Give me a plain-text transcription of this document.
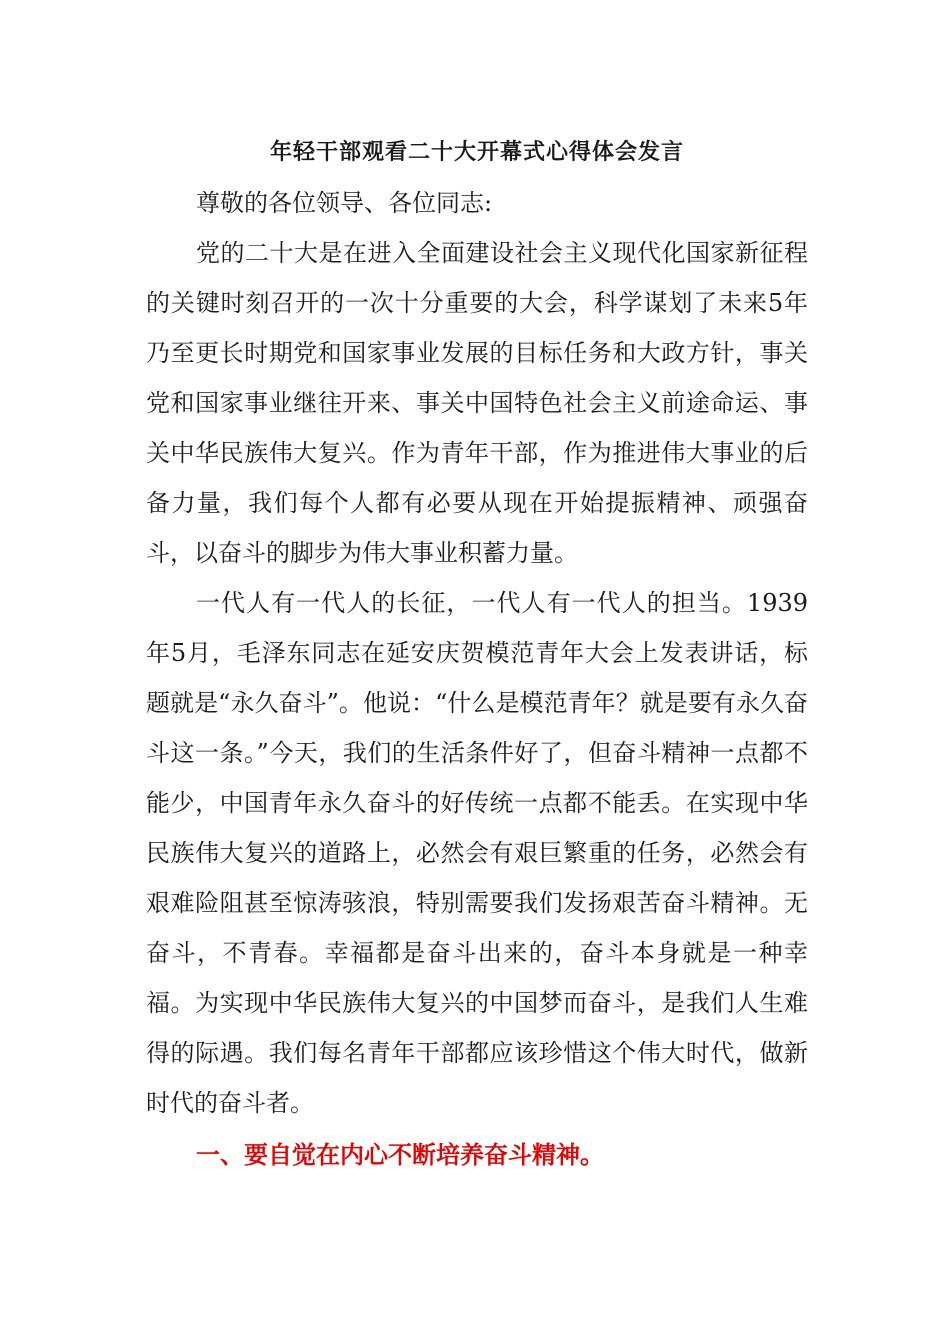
年轻干部观看二十大开幕式心得体会发言

尊敬的各位领导、各位同志:

党的二十大是在进入全面建设社会主义现代化国家新征程的关键时刻召开的一次十分重要的大会，科学谋划了未来5年乃至更长时期党和国家事业发展的目标任务和大政方针，事关党和国家事业继往开来、事关中国特色社会主义前途命运、事关中华民族伟大复兴。作为青年干部，作为推进伟大事业的后备力量，我们每个人都有必要从现在开始提振精神、顽强奋斗，以奋斗的脚步为伟大事业积蓄力量。

一代人有一代人的长征，一代人有一代人的担当。1939年5月，毛泽东同志在延安庆贺模范青年大会上发表讲话，标题就是“永久奋斗”。他说：“什么是模范青年？就是要有永久奋斗这一条。”今天，我们的生活条件好了，但奋斗精神一点都不能少，中国青年永久奋斗的好传统一点都不能丢。在实现中华民族伟大复兴的道路上，必然会有艰巨繁重的任务，必然会有艰难险阻甚至惊涛骇浪，特别需要我们发扬艰苦奋斗精神。无奋斗，不青春。幸福都是奋斗出来的，奋斗本身就是一种幸福。为实现中华民族伟大复兴的中国梦而奋斗，是我们人生难得的际遇。我们每名青年干部都应该珍惜这个伟大时代，做新时代的奋斗者。

一、要自觉在内心不断培养奋斗精神。
